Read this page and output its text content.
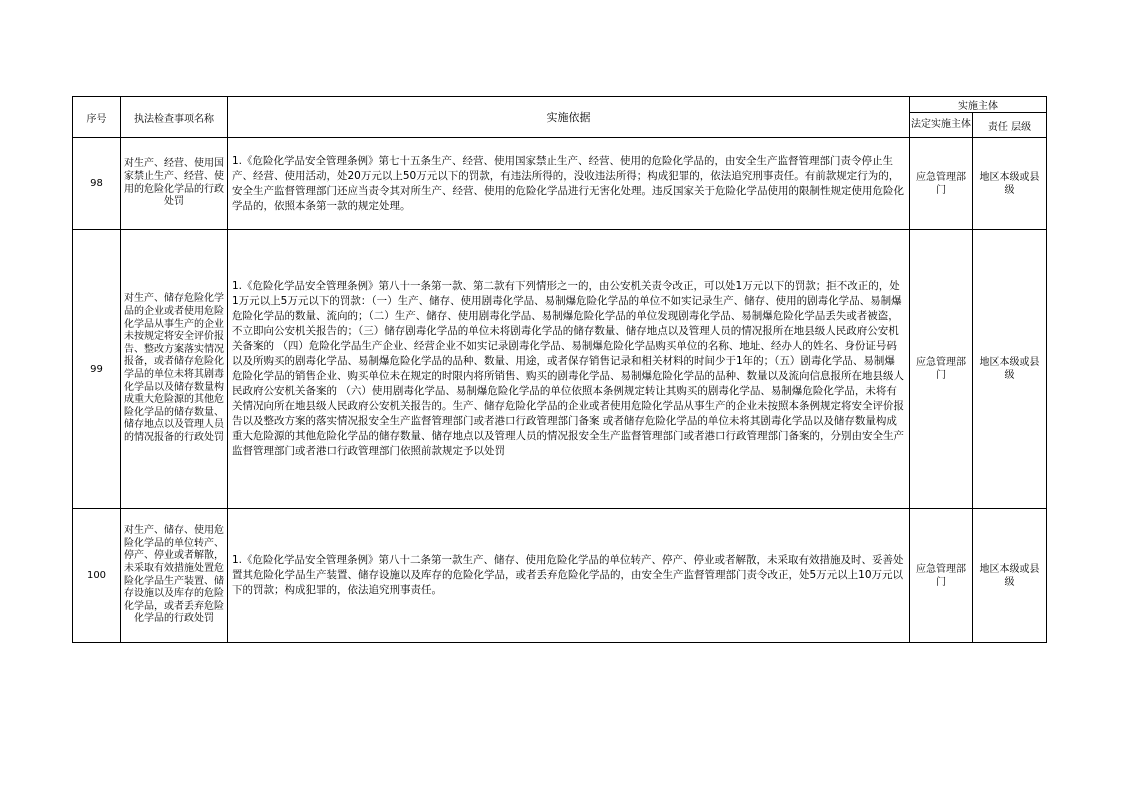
序号	执法检查事项名称	实施依据	实施主体	
			法定实施主体	责任 层级
98	对生产、经营、使用国家禁止生产、经营、使用的危险化学品的行政处罚	1.《危险化学品安全管理条例》第七十五条生产、经营、使用国家禁止生产、经营、使用的危险化学品的，由安全生产监督管理部门责令停止生产、经营、使用活动，处20万元以上50万元以下的罚款，有违法所得的，没收违法所得；构成犯罪的，依法追究刑事责任。有前款规定行为的，安全生产监督管理部门还应当责令其对所生产、经营、使用的危险化学品进行无害化处理。违反国家关于危险化学品使用的限制性规定使用危险化学品的，依照本条第一款的规定处理。	应急管理部门	地区本级或县级
99	对生产、储存危险化学品的企业或者使用危险化学品从事生产的企业未按规定将安全评价报告、整改方案落实情况报备，或者储存危险化学品的单位未将其剧毒化学品以及储存数量构成重大危险源的其他危险化学品的储存数量、储存地点以及管理人员的情况报备的行政处罚	1.《危险化学品安全管理条例》第八十一条第一款、第二款有下列情形之一的，由公安机关责令改正，可以处1万元以下的罚款；拒不改正的，处1万元以上5万元以下的罚款：（一）生产、储存、使用剧毒化学品、易制爆危险化学品的单位不如实记录生产、储存、使用的剧毒化学品、易制爆危险化学品的数量、流向的；（二）生产、储存、使用剧毒化学品、易制爆危险化学品的单位发现剧毒化学品、易制爆危险化学品丢失或者被盗，不立即向公安机关报告的；（三）储存剧毒化学品的单位未将剧毒化学品的储存数量、储存地点以及管理人员的情况报所在地县级人民政府公安机关备案的 （四）危险化学品生产企业、经营企业不如实记录剧毒化学品、易制爆危险化学品购买单位的名称、地址、经办人的姓名、身份证号码以及所购买的剧毒化学品、易制爆危险化学品的品种、数量、用途，或者保存销售记录和相关材料的时间少于1年的；（五）剧毒化学品、易制爆危险化学品的销售企业、购买单位未在规定的时限内将所销售、购买的剧毒化学品、易制爆危险化学品的品种、数量以及流向信息报所在地县级人民政府公安机关备案的 （六）使用剧毒化学品、易制爆危险化学品的单位依照本条例规定转让其购买的剧毒化学品、易制爆危险化学品，未将有关情况向所在地县级人民政府公安机关报告的。生产、储存危险化学品的企业或者使用危险化学品从事生产的企业未按照本条例规定将安全评价报告以及整改方案的落实情况报安全生产监督管理部门或者港口行政管理部门备案 或者储存危险化学品的单位未将其剧毒化学品以及储存数量构成重大危险源的其他危险化学品的储存数量、储存地点以及管理人员的情况报安全生产监督管理部门或者港口行政管理部门备案的，分别由安全生产监督管理部门或者港口行政管理部门依照前款规定予以处罚	应急管理部门	地区本级或县级
100	对生产、储存、使用危险化学品的单位转产、停产、停业或者解散，未采取有效措施处置危险化学品生产装置、储存设施以及库存的危险化学品，或者丢弃危险化学品的行政处罚	1.《危险化学品安全管理条例》第八十二条第一款生产、储存、使用危险化学品的单位转产、停产、停业或者解散，未采取有效措施及时、妥善处置其危险化学品生产装置、储存设施以及库存的危险化学品，或者丢弃危险化学品的，由安全生产监督管理部门责令改正，处5万元以上10万元以下的罚款；构成犯罪的，依法追究刑事责任。	应急管理部门	地区本级或县级
